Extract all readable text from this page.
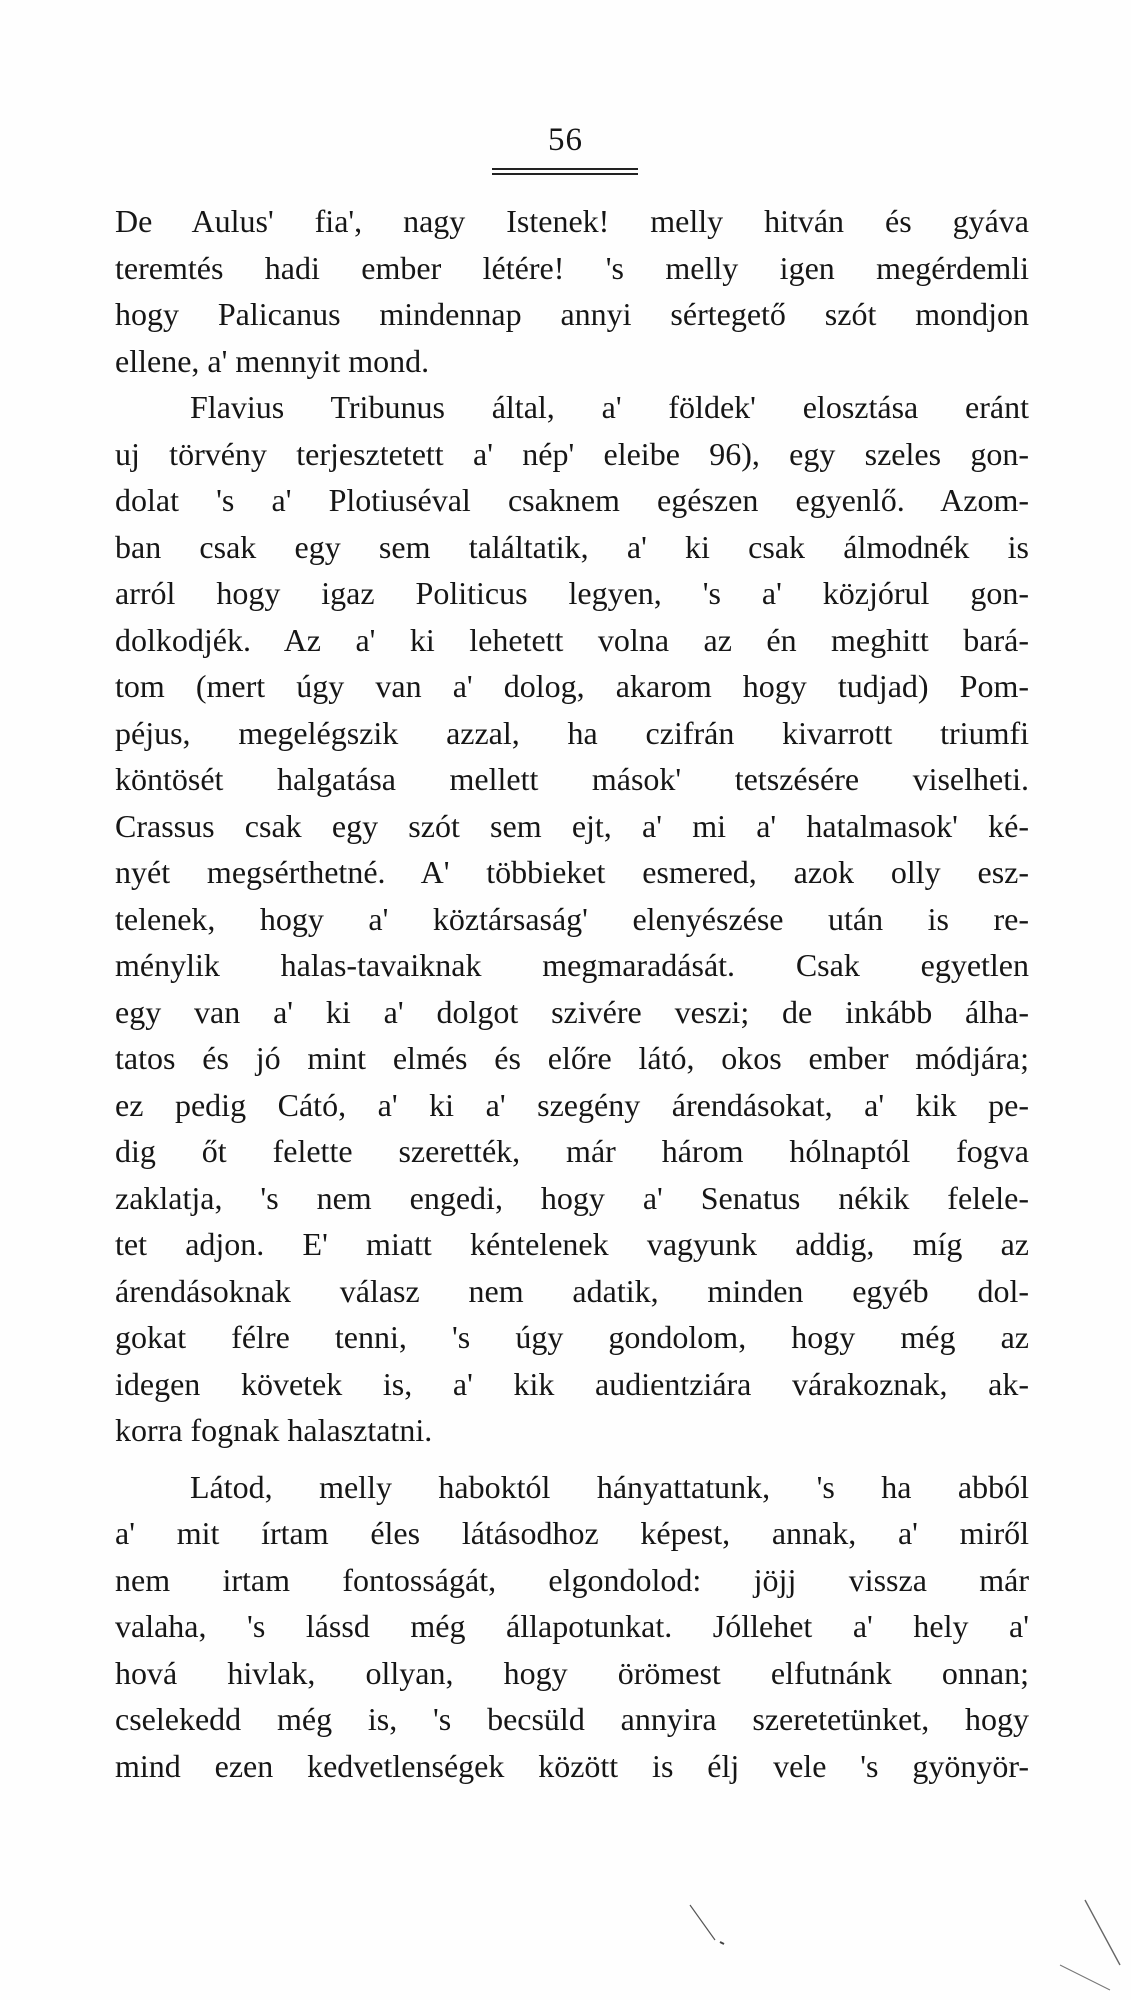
56
De Aulus' fia', nagy Istenek! melly hitván és gyáva
teremtés hadi ember létére! 's melly igen megérdemli
hogy Palicanus mindennap annyi sértegető szót mondjon
ellene, a' mennyit mond.
Flavius Tribunus által, a' földek' elosztása eránt
uj törvény terjesztetett a' nép' eleibe 96), egy szeles gon-
dolat 's a' Plotiuséval csaknem egészen egyenlő. Azom-
ban csak egy sem találtatik, a' ki csak álmodnék is
arról hogy igaz Politicus legyen, 's a' közjórul gon-
dolkodjék. Az a' ki lehetett volna az én meghitt bará-
tom (mert úgy van a' dolog, akarom hogy tudjad) Pom-
péjus, megelégszik azzal, ha czifrán kivarrott triumfi
köntösét halgatása mellett mások' tetszésére viselheti.
Crassus csak egy szót sem ejt, a' mi a' hatalmasok' ké-
nyét megsérthetné. A' többieket esmered, azok olly esz-
telenek, hogy a' köztársaság' elenyészése után is re-
ménylik halas-tavaiknak megmaradását. Csak egyetlen
egy van a' ki a' dolgot szivére veszi; de inkább álha-
tatos és jó mint elmés és előre látó, okos ember módjára;
ez pedig Cátó, a' ki a' szegény árendásokat, a' kik pe-
dig őt felette szerették, már három hólnaptól fogva
zaklatja, 's nem engedi, hogy a' Senatus nékik felele-
tet adjon. E' miatt kéntelenek vagyunk addig, míg az
árendásoknak válasz nem adatik, minden egyéb dol-
gokat félre tenni, 's úgy gondolom, hogy még az
idegen követek is, a' kik audientziára várakoznak, ak-
korra fognak halasztatni.
Látod, melly haboktól hányattatunk, 's ha abból
a' mit írtam éles látásodhoz képest, annak, a' miről
nem irtam fontosságát, elgondolod: jöjj vissza már
valaha, 's lássd még állapotunkat. Jóllehet a' hely a'
hová hivlak, ollyan, hogy örömest elfutnánk onnan;
cselekedd még is, 's becsüld annyira szeretetünket, hogy
mind ezen kedvetlenségek között is élj vele 's gyönyör-
